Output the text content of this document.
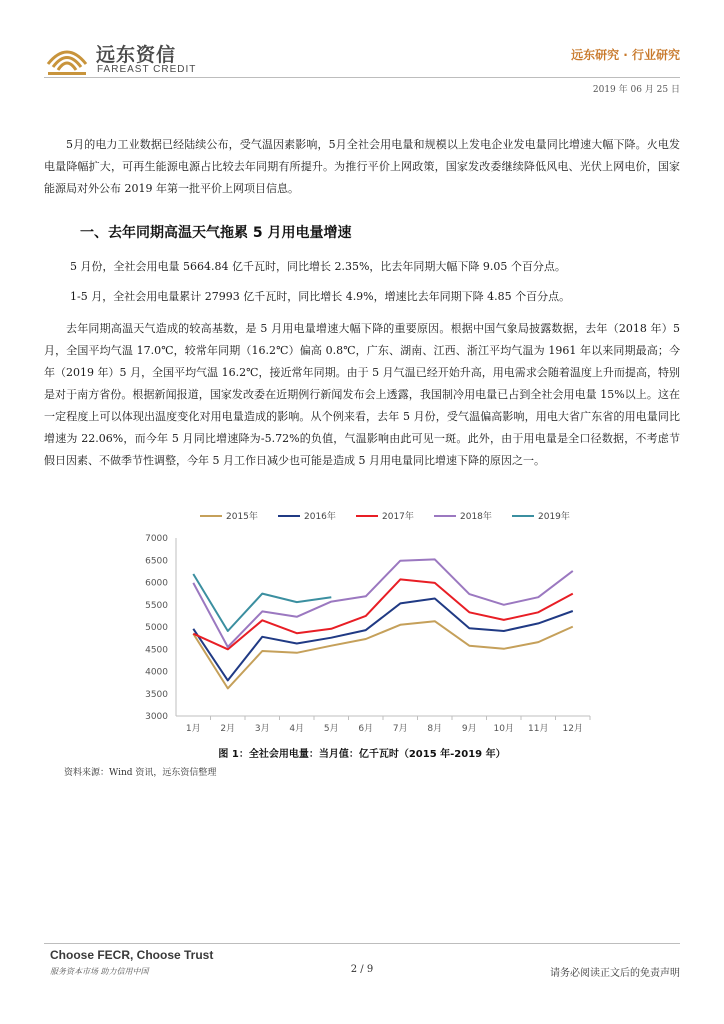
远东资信
FAREAST CREDIT
远东研究 · 行业研究
2019 年 06 月 25 日

5月的电力工业数据已经陆续公布，受气温因素影响，5月全社会用电量和规模以上发电企业发电量同比增速大幅下降。火电发电量降幅扩大，可再生能源电源占比较去年同期有所提升。为推行平价上网政策，国家发改委继续降低风电、光伏上网电价，国家能源局对外公布 2019 年第一批平价上网项目信息。

一、去年同期高温天气拖累 5 月用电量增速

5 月份，全社会用电量 5664.84 亿千瓦时，同比增长 2.35%，比去年同期大幅下降 9.05 个百分点。

1-5 月，全社会用电量累计 27993 亿千瓦时，同比增长 4.9%，增速比去年同期下降 4.85 个百分点。

去年同期高温天气造成的较高基数，是 5 月用电量增速大幅下降的重要原因。根据中国气象局披露数据，去年（2018 年）5 月，全国平均气温 17.0℃，较常年同期（16.2℃）偏高 0.8℃，广东、湖南、江西、浙江平均气温为 1961 年以来同期最高；今年（2019 年）5 月，全国平均气温 16.2℃，接近常年同期。由于 5 月气温已经开始升高，用电需求会随着温度上升而提高，特别是对于南方省份。根据新闻报道，国家发改委在近期例行新闻发布会上透露，我国制冷用电量已占到全社会用电量 15%以上。这在一定程度上可以体现出温度变化对用电量造成的影响。从个例来看，去年 5 月份，受气温偏高影响，用电大省广东省的用电量同比增速为 22.06%，而今年 5 月同比增速降为-5.72%的负值，气温影响由此可见一斑。此外，由于用电量是全口径数据，不考虑节假日因素、不做季节性调整，今年 5 月工作日减少也可能是造成 5 月用电量同比增速下降的原因之一。

3000
3500
4000
4500
5000
5500
6000
6500
7000
1月 2月 3月 4月 5月 6月 7月 8月 9月 10月 11月 12月
2015年	2016年	2017年	2018年	2019年
图 1：全社会用电量：当月值：亿千瓦时（2015 年-2019 年）
资料来源：Wind 资讯，远东资信整理
Choose FECR, Choose Trust
服务资本市场 助力信用中国	2 / 9	请务必阅读正文后的免责声明
